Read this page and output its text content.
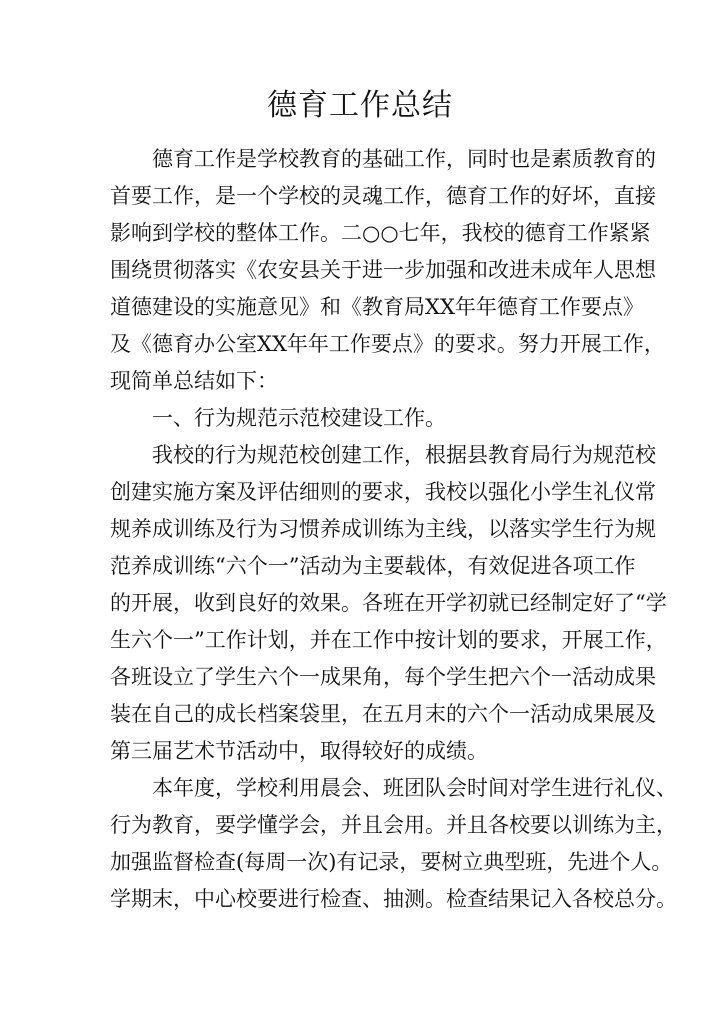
德育工作总结
德育工作是学校教育的基础工作，同时也是素质教育的
首要工作，是一个学校的灵魂工作，德育工作的好坏，直接
影响到学校的整体工作。二○○七年，我校的德育工作紧紧
围绕贯彻落实《农安县关于进一步加强和改进未成年人思想
道德建设的实施意见》和《教育局XX年年德育工作要点》
及《德育办公室XX年年工作要点》的要求。努力开展工作，
现简单总结如下：
一、行为规范示范校建设工作。
我校的行为规范校创建工作，根据县教育局行为规范校
创建实施方案及评估细则的要求，我校以强化小学生礼仪常
规养成训练及行为习惯养成训练为主线，以落实学生行为规
范养成训练“六个一”活动为主要载体，有效促进各项工作
的开展，收到良好的效果。各班在开学初就已经制定好了“学
生六个一”工作计划，并在工作中按计划的要求，开展工作，
各班设立了学生六个一成果角，每个学生把六个一活动成果
装在自己的成长档案袋里，在五月末的六个一活动成果展及
第三届艺术节活动中，取得较好的成绩。
本年度，学校利用晨会、班团队会时间对学生进行礼仪、
行为教育，要学懂学会，并且会用。并且各校要以训练为主，
加强监督检查(每周一次)有记录，要树立典型班，先进个人。
学期末，中心校要进行检查、抽测。检查结果记入各校总分。
